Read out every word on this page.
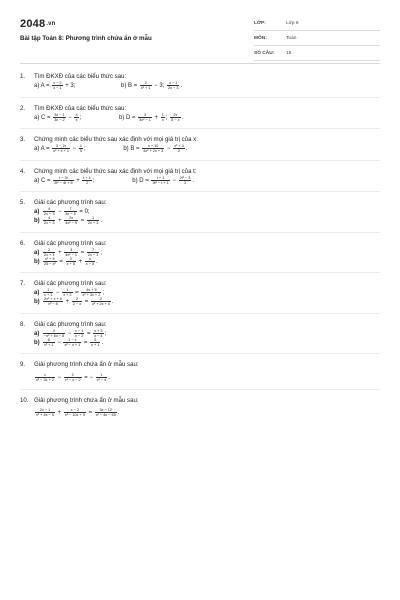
2048.vn
Bài tập Toán 8: Phương trình chứa ẩn ở mẫu
LỚP:	Lớp 8
MÔN:	Toán
SỐ CÂU:	15
1.	Tìm ĐKXĐ của các biểu thức sau:
a) $A = \frac{x - 2}{x - 1} + 3$;	b) $B = \frac{2}{\text{x² + 1}} - 3$; $\frac{x - 1}{2x - 3}$ .
2.	Tìm ĐKXĐ của các biểu thức sau:
a) $C = \frac{3x - 1}{3x - 2} - \frac{4}{x}$ ;	b) $D = \frac{3}{\text{3x² − 1}} + \frac{1}{x}$ ; $\frac{2x}{5 - x}$ .
3.	Chứng minh các biểu thức sau xác định với mọi giá trị của x:
a) $A = \frac{3 - 7x}{\text{x² + x + 1}} - \frac{1}{5}$ ;	b) $B = \frac{x + 10}{\text{4x² + 2x + 3}} - \frac{\text{x² + 4}}{2}$ .
4.	Chứng minh các biểu thức sau xác định với mọi giá trị của t:
a) $C = \frac{t - 3t}{\text{2t² − 4t + 5}} + \frac{t + 1}{2}$ ;	b) $D = \frac{t + 1}{\text{3t² − t + 1}} - \frac{\text{2t² − 3}}{3}$ .
5.	Giải các phương trình sau:
$a) \frac{4}{2x - 3} - \frac{7}{3x - 5} = 0$;
$b) \frac{4}{2x - 3} + \frac{2x}{\text{4x² − 9}} = \frac{1}{2x + 3}$ .
6.	Giải các phương trình sau:
$a) \frac{2}{2x + 1} + \frac{3}{\text{4x² − 1}} = \frac{7}{2x - 1}$ ;
$b) \frac{\text{x² + 5}}{\text{25 − x²}} = \frac{3}{x + 5} + \frac{x}{x - 5}$ .
7.	Giải các phương trình sau:
$a) \frac{1}{x + 1} - \frac{1}{x + 2} = \frac{4x + 5}{\text{x² + 3x + 2}}$ ;
$b) \frac{\text{2x² + x + 6}}{\text{x³ − 8}} + \frac{2}{2 - x} = \frac{2}{\text{x² + 2x + 4}}$ .
8.	Giải các phương trình sau:
$a) \frac{2}{\text{−x² + 6x − 8}} - \frac{x - 1}{x - 2} = \frac{x + 3}{x - 4}$ ;
$b) \frac{6}{\text{x³ + 1}} - \frac{1 - x}{\text{x² − x + 1}} = \frac{5}{x + 1}$ .
9.	Giải phương trình chứa ẩn ở mẫu sau:
$\frac{1}{\text{x² − 3x + 2}} - \frac{2}{\text{x² − x − 2}}$ = − $\frac{1}{\text{x² − 4}}$ .
10. Giải phương trình chứa ẩn ở mẫu sau:
$\frac{2x - 1}{\text{x² + 4x − 5}} + \frac{x - 2}{\text{x² − 10x + 9}} = \frac{3x - 12}{\text{x² − 4x − 45}}$ .
